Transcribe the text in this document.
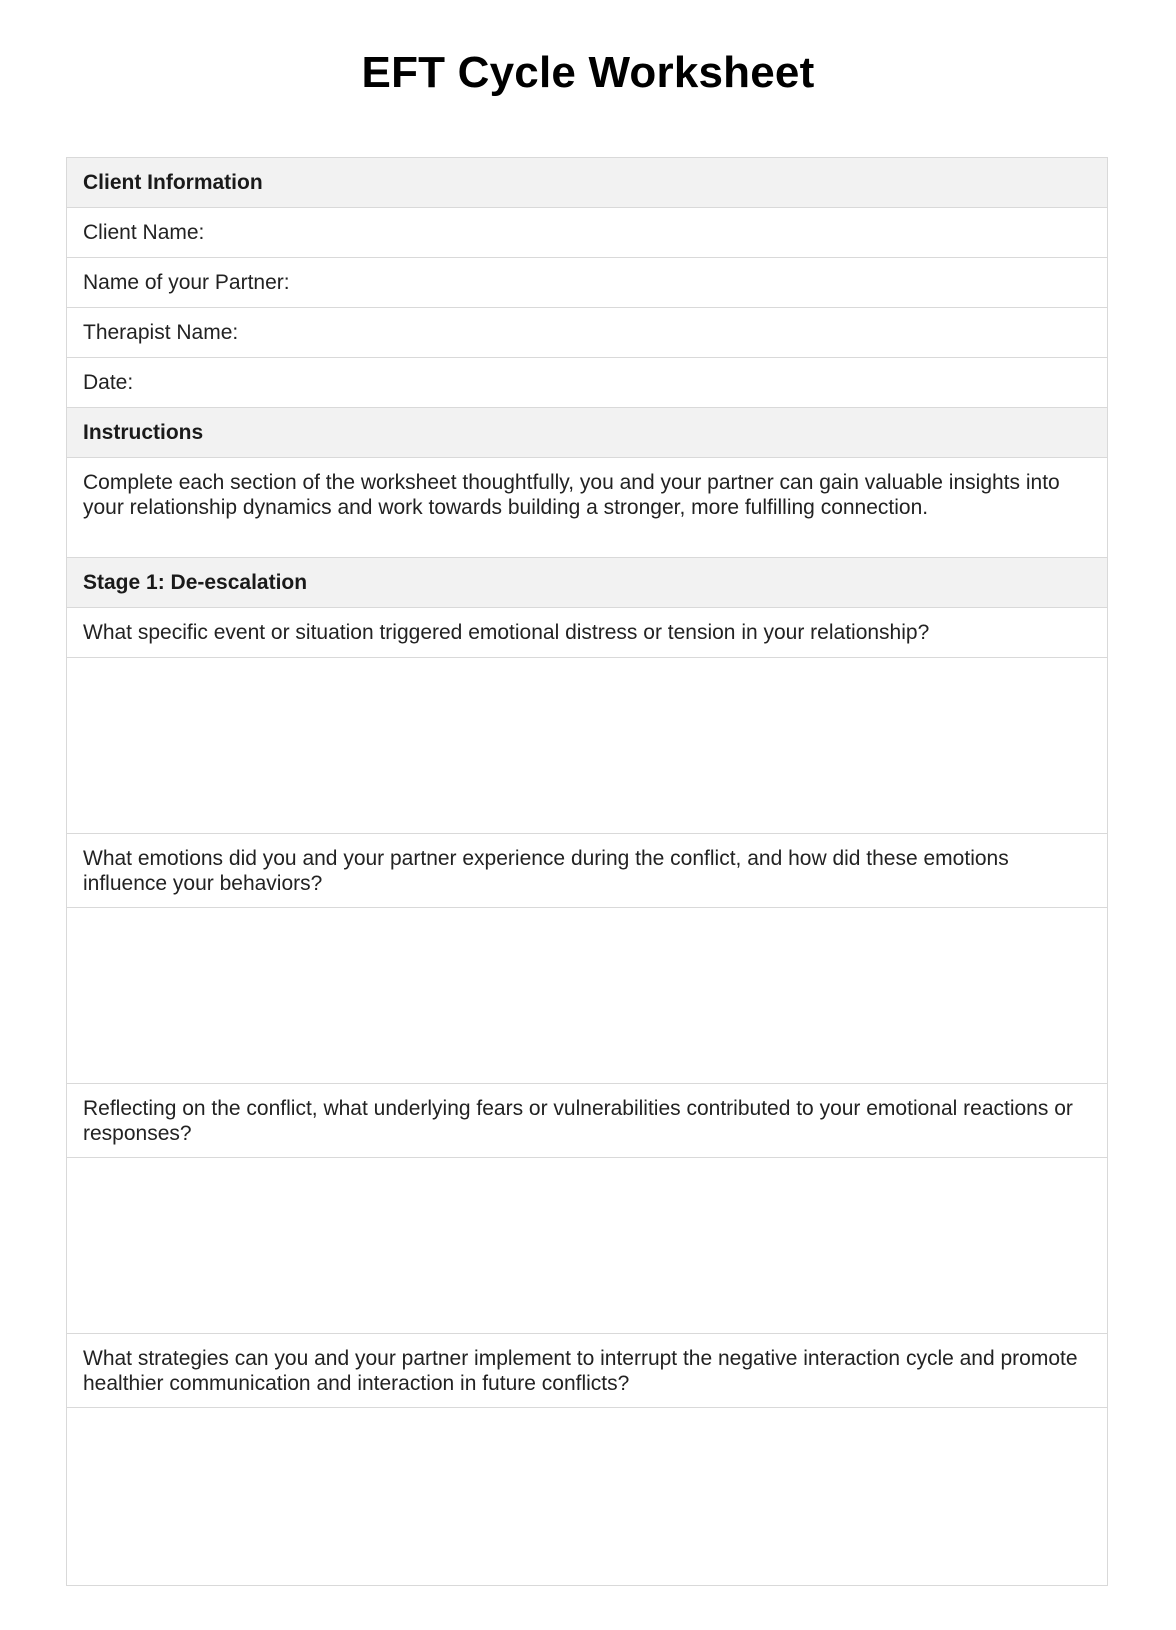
EFT Cycle Worksheet
Client Information
Client Name:
Name of your Partner:
Therapist Name:
Date:
Instructions
Complete each section of the worksheet thoughtfully, you and your partner can gain valuable insights into your relationship dynamics and work towards building a stronger, more fulfilling connection.
Stage 1: De-escalation
What specific event or situation triggered emotional distress or tension in your relationship?
What emotions did you and your partner experience during the conflict, and how did these emotions influence your behaviors?
Reflecting on the conflict, what underlying fears or vulnerabilities contributed to your emotional reactions or responses?
What strategies can you and your partner implement to interrupt the negative interaction cycle and promote healthier communication and interaction in future conflicts?
